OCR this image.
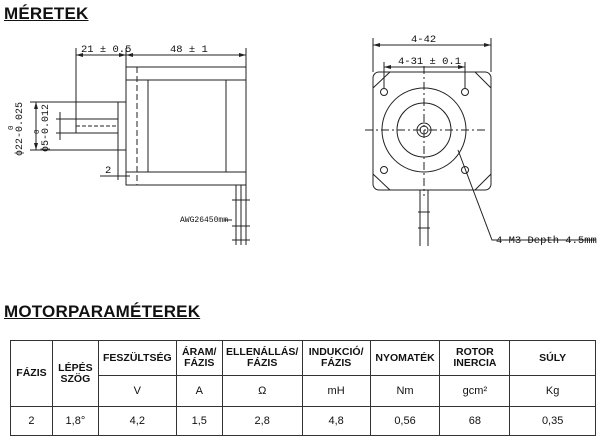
MÉRETEK
21 ± 0.5	48 ± 1
2
AWG26450mm
4-42
4-31 ± 0.1
4-M3 Depth 4.5mm
ϕ22-0.025
0	ϕ5-0.012
0
MOTORPARAMÉTEREK
FÁZIS	LÉPÉS SZÖG	FESZÜLTSÉG	ÁRAM/ FÁZIS	ELLENÁLLÁS/ FÁZIS	INDUKCIÓ/ FÁZIS	NYOMATÉK	ROTOR INERCIA	SÚLY
		V	A	Ω	mH	Nm	gcm²	Kg
2	1,8°	4,2	1,5	2,8	4,8	0,56	68	0,35
